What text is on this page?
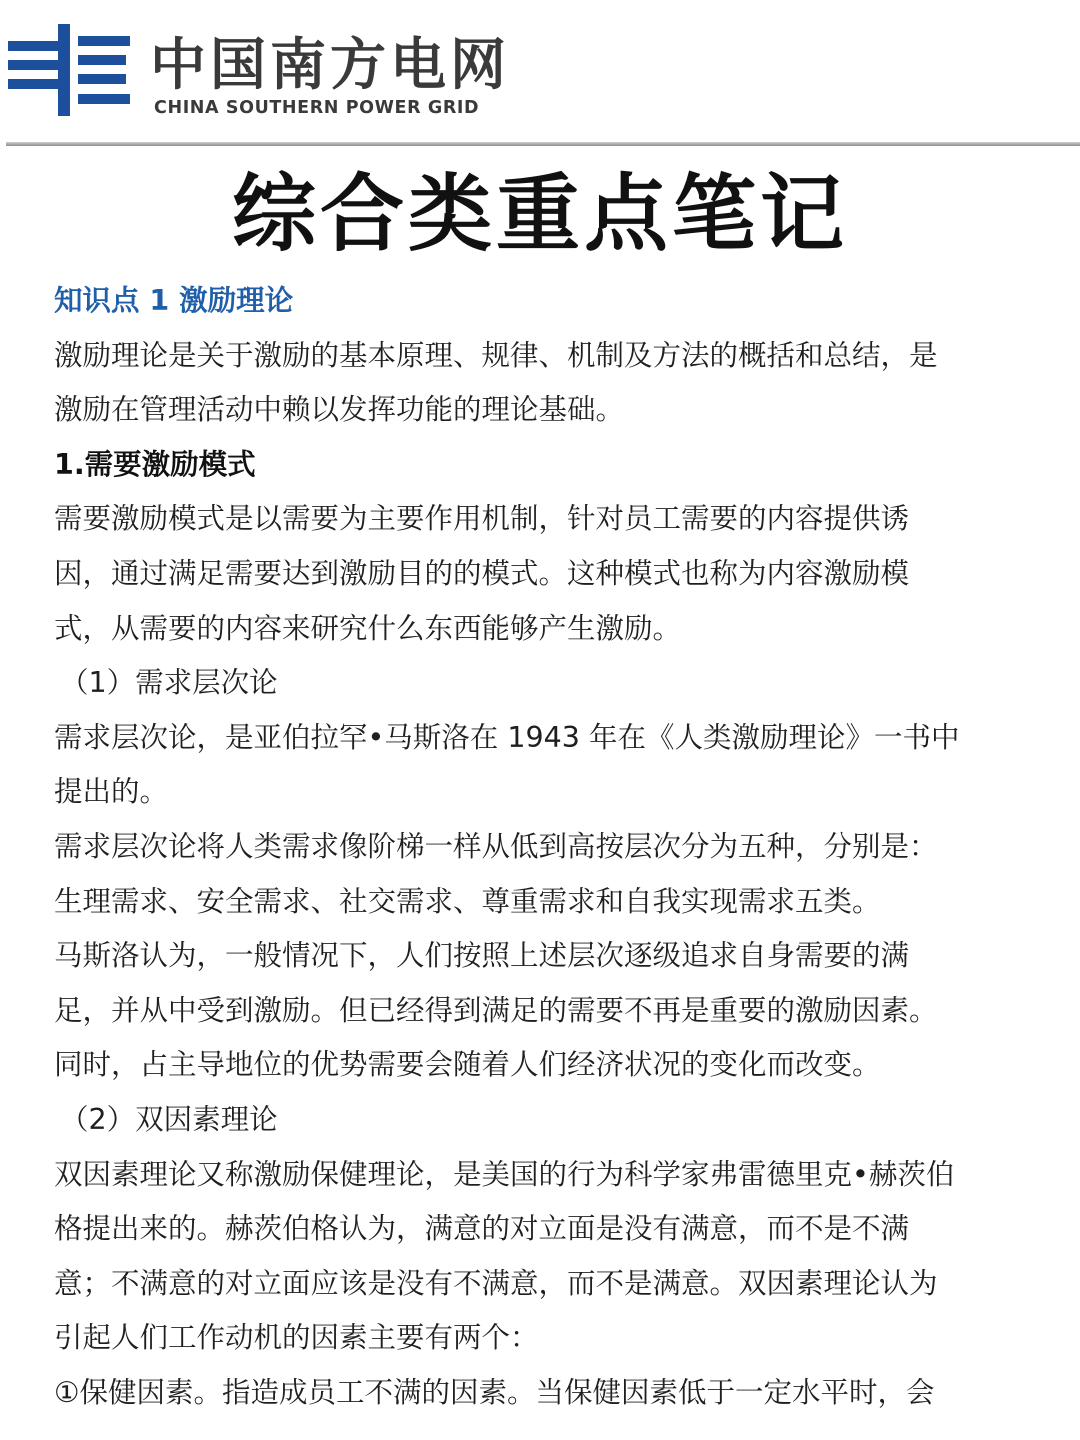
中国南方电网
CHINA SOUTHERN POWER GRID
综合类重点笔记
知识点 1 激励理论
激励理论是关于激励的基本原理、规律、机制及方法的概括和总结，是
激励在管理活动中赖以发挥功能的理论基础。
1.需要激励模式
需要激励模式是以需要为主要作用机制，针对员工需要的内容提供诱
因，通过满足需要达到激励目的的模式。这种模式也称为内容激励模
式，从需要的内容来研究什么东西能够产生激励。
（1）需求层次论
需求层次论，是亚伯拉罕•马斯洛在 1943 年在《人类激励理论》一书中
提出的。
需求层次论将人类需求像阶梯一样从低到高按层次分为五种，分别是：
生理需求、安全需求、社交需求、尊重需求和自我实现需求五类。
马斯洛认为，一般情况下，人们按照上述层次逐级追求自身需要的满
足，并从中受到激励。但已经得到满足的需要不再是重要的激励因素。
同时，占主导地位的优势需要会随着人们经济状况的变化而改变。
（2）双因素理论
双因素理论又称激励保健理论，是美国的行为科学家弗雷德里克•赫茨伯
格提出来的。赫茨伯格认为，满意的对立面是没有满意，而不是不满
意；不满意的对立面应该是没有不满意，而不是满意。双因素理论认为
引起人们工作动机的因素主要有两个：
①保健因素。指造成员工不满的因素。当保健因素低于一定水平时，会
